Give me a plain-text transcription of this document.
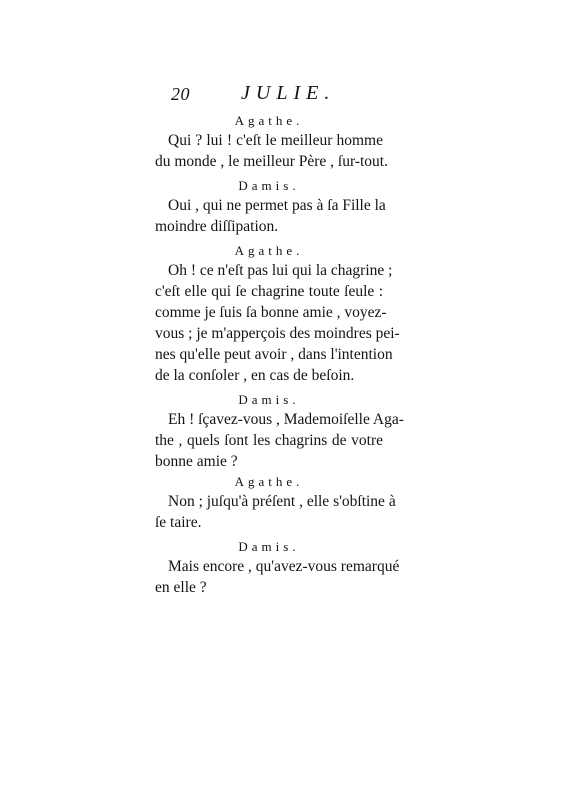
20	JULIE.
Agathe.
Qui ? lui ! c'eſt le meilleur homme
du monde , le meilleur Père , ſur-tout.
Damis.
Oui , qui ne permet pas à ſa Fille la
moindre diſſipation.
Agathe.
Oh ! ce n'eſt pas lui qui la chagrine ;
c'eſt elle qui ſe chagrine toute ſeule :
comme je ſuis ſa bonne amie , voyez-
vous ; je m'apperçois des moindres pei-
nes qu'elle peut avoir , dans l'intention
de la conſoler , en cas de beſoin.
Damis.
Eh ! ſçavez-vous , Mademoiſelle Aga-
the , quels ſont les chagrins de votre
bonne amie ?
Agathe.
Non ; juſqu'à préſent , elle s'obſtine à
ſe taire.
Damis.
Mais encore , qu'avez-vous remarqué
en elle ?
